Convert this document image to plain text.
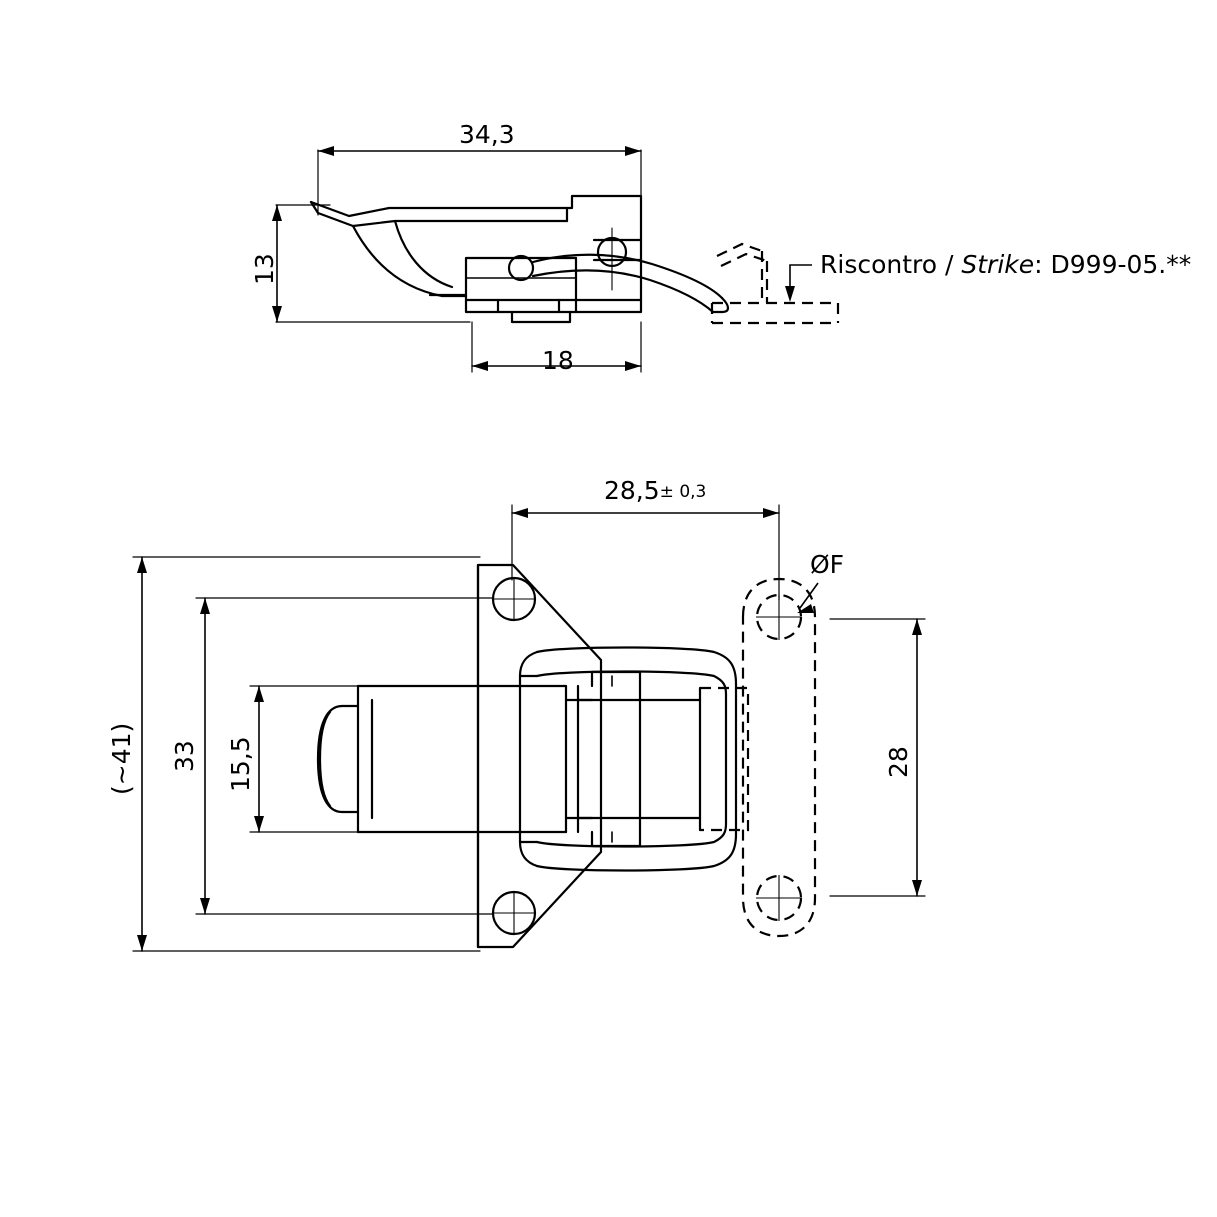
34,3
13
18
Riscontro / Strike: D999-05.**
28,5± 0,3
(~41) 33 15,5	28
ØF
